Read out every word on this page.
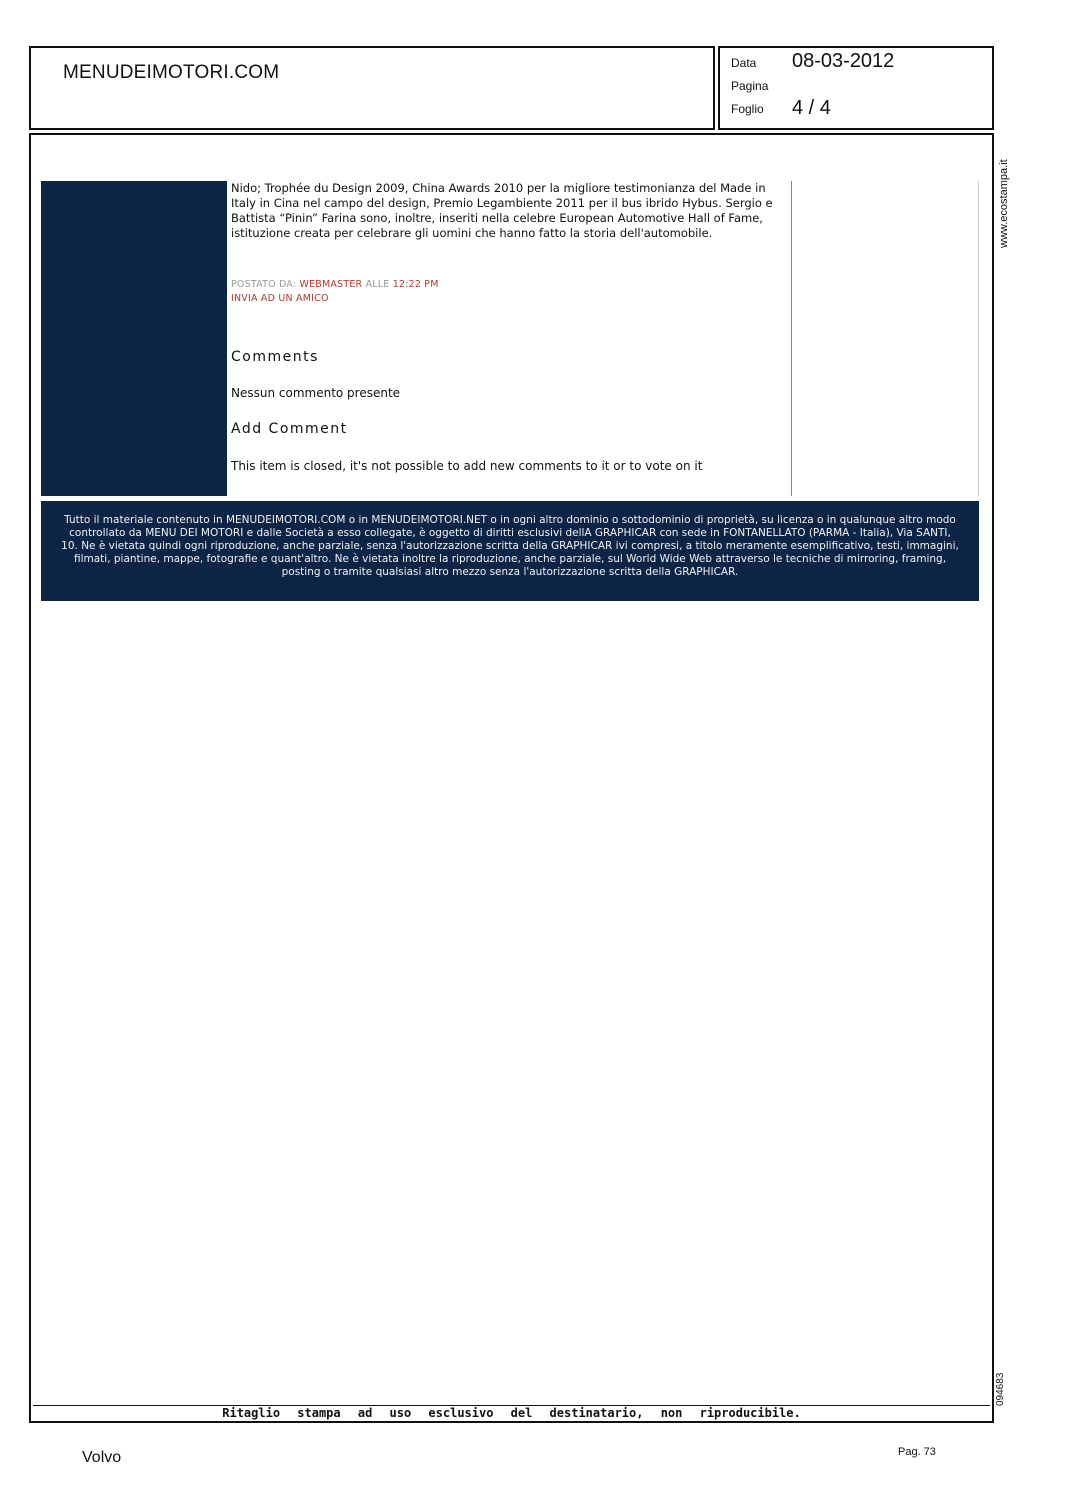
MENUDEIMOTORI.COM	Data 08-03-2012
Pagina
Foglio 4 / 4
www.ecostampa.it

Nido; Trophée du Design 2009, China Awards 2010 per la migliore testimonianza del Made in Italy in Cina nel campo del design, Premio Legambiente 2011 per il bus ibrido Hybus. Sergio e Battista “Pinin” Farina sono, inoltre, inseriti nella celebre European Automotive Hall of Fame, istituzione creata per celebrare gli uomini che hanno fatto la storia dell'automobile.

POSTATO DA: WEBMASTER ALLE 12:22 PM
INVIA AD UN AMICO
Comments
Nessun commento presente
Add Comment
This item is closed, it's not possible to add new comments to it or to vote on it

Tutto il materiale contenuto in MENUDEIMOTORI.COM o in MENUDEIMOTORI.NET o in ogni altro dominio o sottodominio di proprietà, su licenza o in qualunque altro modo controllato da MENU DEI MOTORI e dalle Società a esso collegate, è oggetto di diritti esclusivi dellA GRAPHICAR con sede in FONTANELLATO (PARMA - Italia), Via SANTI, 10. Ne è vietata quindi ogni riproduzione, anche parziale, senza l'autorizzazione scritta della GRAPHICAR ivi compresi, a titolo meramente esemplificativo, testi, immagini, filmati, piantine, mappe, fotografie e quant'altro. Ne è vietata inoltre la riproduzione, anche parziale, sul World Wide Web attraverso le tecniche di mirroring, framing, posting o tramite qualsiasi altro mezzo senza l'autorizzazione scritta della GRAPHICAR.

094683
Ritaglio stampa ad uso esclusivo del destinatario, non riproducibile.
Volvo	Pag. 73
